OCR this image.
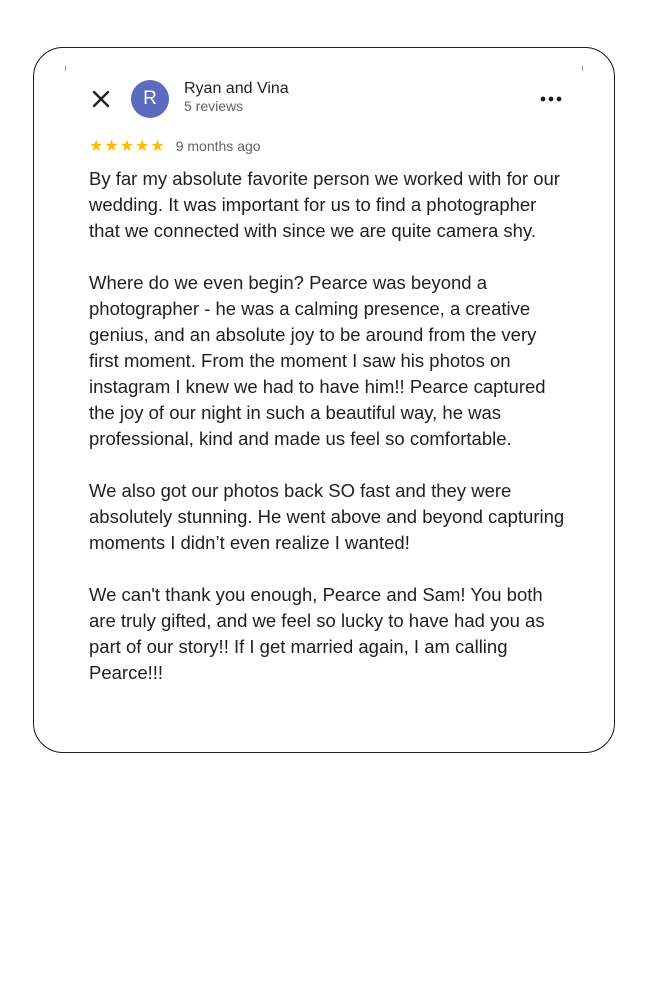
R	Ryan and Vina
5 reviews
★ ★ ★ ★ ★ 9 months ago

By far my absolute favorite person we worked with for our wedding. It was important for us to find a photographer that we connected with since we are quite camera shy.

Where do we even begin? Pearce was beyond a photographer - he was a calming presence, a creative genius, and an absolute joy to be around from the very first moment. From the moment I saw his photos on instagram I knew we had to have him!! Pearce captured the joy of our night in such a beautiful way, he was professional, kind and made us feel so comfortable.

We also got our photos back SO fast and they were absolutely stunning. He went above and beyond capturing moments I didn’t even realize I wanted!

We can't thank you enough, Pearce and Sam! You both are truly gifted, and we feel so lucky to have had you as part of our story!! If I get married again, I am calling Pearce!!!
